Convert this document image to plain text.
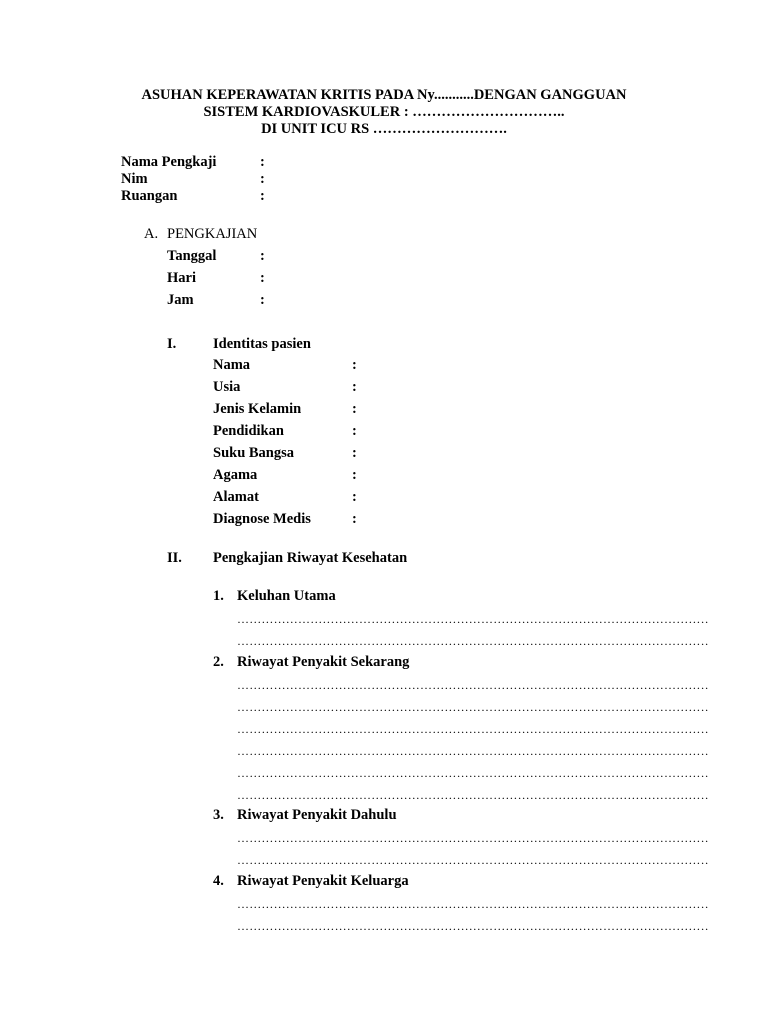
ASUHAN KEPERAWATAN KRITIS PADA Ny...........DENGAN GANGGUAN
SISTEM KARDIOVASKULER : …………………………..
DI UNIT ICU RS ……………………….
Nama Pengkaji	:
Nim	:
Ruangan	:
A. PENGKAJIAN
Tanggal	:
Hari	:
Jam	:
I.	Identitas pasien
Nama	:
Usia	:
Jenis Kelamin	:
Pendidikan	:
Suku Bangsa	:
Agama	:
Alamat	:
Diagnose Medis	:
II. Pengkajian Riwayat Kesehatan
1. Keluhan Utama
……………………………………………………………………………………………………………………………………………………………
……………………………………………………………………………………………………………………………………………………………
2. Riwayat Penyakit Sekarang
……………………………………………………………………………………………………………………………………………………………
……………………………………………………………………………………………………………………………………………………………
……………………………………………………………………………………………………………………………………………………………
……………………………………………………………………………………………………………………………………………………………
……………………………………………………………………………………………………………………………………………………………
……………………………………………………………………………………………………………………………………………………………
3. Riwayat Penyakit Dahulu
……………………………………………………………………………………………………………………………………………………………
……………………………………………………………………………………………………………………………………………………………
4. Riwayat Penyakit Keluarga
……………………………………………………………………………………………………………………………………………………………
……………………………………………………………………………………………………………………………………………………………
